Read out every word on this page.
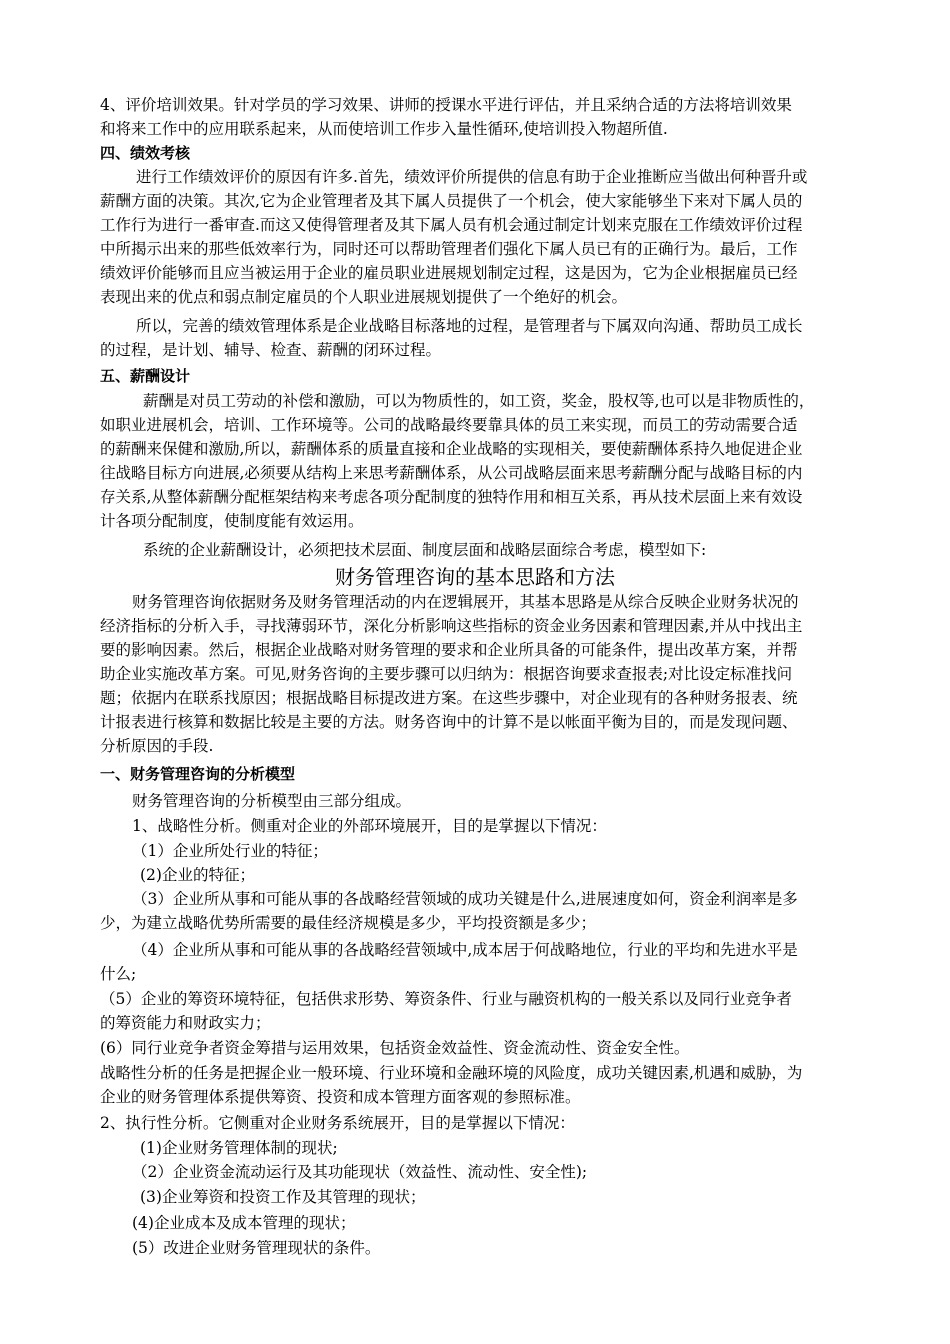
4、评价培训效果。针对学员的学习效果、讲师的授课水平进行评估，并且采纳合适的方法将培训效果
和将来工作中的应用联系起来，从而使培训工作步入量性循环,使培训投入物超所值.
四、绩效考核
进行工作绩效评价的原因有许多.首先，绩效评价所提供的信息有助于企业推断应当做出何种晋升或
薪酬方面的决策。其次,它为企业管理者及其下属人员提供了一个机会，使大家能够坐下来对下属人员的
工作行为进行一番审查.而这又使得管理者及其下属人员有机会通过制定计划来克服在工作绩效评价过程
中所揭示出来的那些低效率行为，同时还可以帮助管理者们强化下属人员已有的正确行为。最后，工作
绩效评价能够而且应当被运用于企业的雇员职业进展规划制定过程，这是因为，它为企业根据雇员已经
表现出来的优点和弱点制定雇员的个人职业进展规划提供了一个绝好的机会。
所以，完善的绩效管理体系是企业战略目标落地的过程，是管理者与下属双向沟通、帮助员工成长
的过程，是计划、辅导、检查、薪酬的闭环过程。
五、薪酬设计
薪酬是对员工劳动的补偿和激励，可以为物质性的，如工资，奖金，股权等,也可以是非物质性的，
如职业进展机会，培训、工作环境等。公司的战略最终要靠具体的员工来实现，而员工的劳动需要合适
的薪酬来保健和激励,所以，薪酬体系的质量直接和企业战略的实现相关，要使薪酬体系持久地促进企业
往战略目标方向进展,必须要从结构上来思考薪酬体系，从公司战略层面来思考薪酬分配与战略目标的内
存关系,从整体薪酬分配框架结构来考虑各项分配制度的独特作用和相互关系，再从技术层面上来有效设
计各项分配制度，使制度能有效运用。
系统的企业薪酬设计，必须把技术层面、制度层面和战略层面综合考虑，模型如下:
财务管理咨询的基本思路和方法
财务管理咨询依据财务及财务管理活动的内在逻辑展开，其基本思路是从综合反映企业财务状况的
经济指标的分析入手，寻找薄弱环节，深化分析影响这些指标的资金业务因素和管理因素,并从中找出主
要的影响因素。然后，根据企业战略对财务管理的要求和企业所具备的可能条件，提出改革方案，并帮
助企业实施改革方案。可见,财务咨询的主要步骤可以归纳为：根据咨询要求查报表;对比设定标准找问
题；依据内在联系找原因；根据战略目标提改进方案。在这些步骤中，对企业现有的各种财务报表、统
计报表进行核算和数据比较是主要的方法。财务咨询中的计算不是以帐面平衡为目的，而是发现问题、
分析原因的手段.
一、财务管理咨询的分析模型
财务管理咨询的分析模型由三部分组成。
1、战略性分析。侧重对企业的外部环境展开，目的是掌握以下情况：
（1）企业所处行业的特征；
(2)企业的特征；
（3）企业所从事和可能从事的各战略经营领域的成功关键是什么,进展速度如何，资金利润率是多
少，为建立战略优势所需要的最佳经济规模是多少，平均投资额是多少；
（4）企业所从事和可能从事的各战略经营领域中,成本居于何战略地位，行业的平均和先进水平是
什么;
（5）企业的筹资环境特征，包括供求形势、筹资条件、行业与融资机构的一般关系以及同行业竞争者
的筹资能力和财政实力；
(6）同行业竞争者资金筹措与运用效果，包括资金效益性、资金流动性、资金安全性。
战略性分析的任务是把握企业一般环境、行业环境和金融环境的风险度，成功关键因素,机遇和威胁，为
企业的财务管理体系提供筹资、投资和成本管理方面客观的参照标准。
2、执行性分析。它侧重对企业财务系统展开，目的是掌握以下情况：
(1)企业财务管理体制的现状;
（2）企业资金流动运行及其功能现状（效益性、流动性、安全性);
(3)企业筹资和投资工作及其管理的现状；
(4)企业成本及成本管理的现状；
(5）改进企业财务管理现状的条件。
